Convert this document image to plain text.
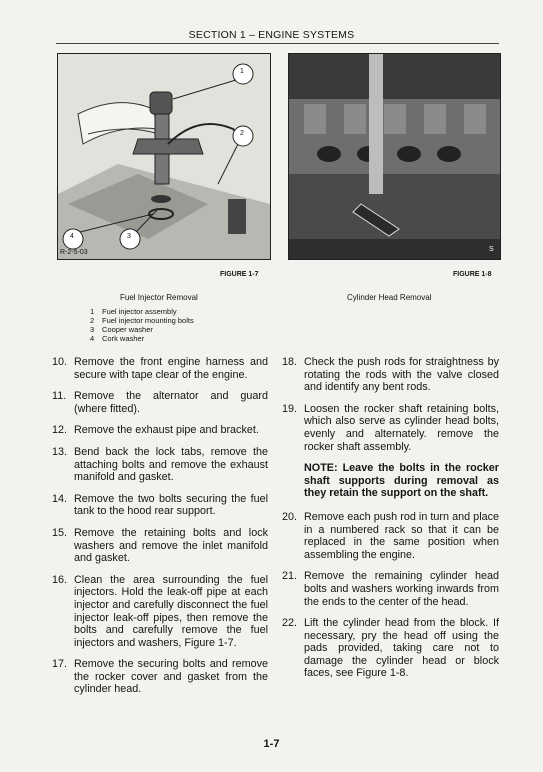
SECTION 1 – ENGINE SYSTEMS
1
2
3
4
R-2-5-03	S
FIGURE 1-7	FIGURE 1-8
Fuel Injector Removal	Cylinder Head Removal
1 Fuel injector assembly
2 Fuel injector mounting bolts
3 Cooper washer
4 Cork washer
10. Remove the front engine harness and secure with tape clear of the engine.
11. Remove the alternator and guard (where fitted).
12. Remove the exhaust pipe and bracket.
13. Bend back the lock tabs, remove the attaching bolts and remove the exhaust manifold and gasket.
14. Remove the two bolts securing the fuel tank to the hood rear support.
15. Remove the retaining bolts and lock washers and remove the inlet manifold and gasket.
16. Clean the area surrounding the fuel injectors. Hold the leak-off pipe at each injector and carefully disconnect the fuel injector leak-off pipes, then remove the bolts and carefully remove the fuel injectors and washers, Figure 1-7.
17. Remove the securing bolts and remove the rocker cover and gasket from the cylinder head.
18. Check the push rods for straightness by rotating the rods with the valve closed and identify any bent rods.
19. Loosen the rocker shaft retaining bolts, which also serve as cylinder head bolts, evenly and alternately. remove the rocker shaft assembly.
NOTE: Leave the bolts in the rocker shaft supports during removal as they retain the support on the shaft.
20. Remove each push rod in turn and place in a numbered rack so that it can be replaced in the same position when assembling the engine.
21. Remove the remaining cylinder head bolts and washers working inwards from the ends to the center of the head.
22. Lift the cylinder head from the block. If necessary, pry the head off using the pads provided, taking care not to damage the cylinder head or block faces, see Figure 1-8.
1-7
